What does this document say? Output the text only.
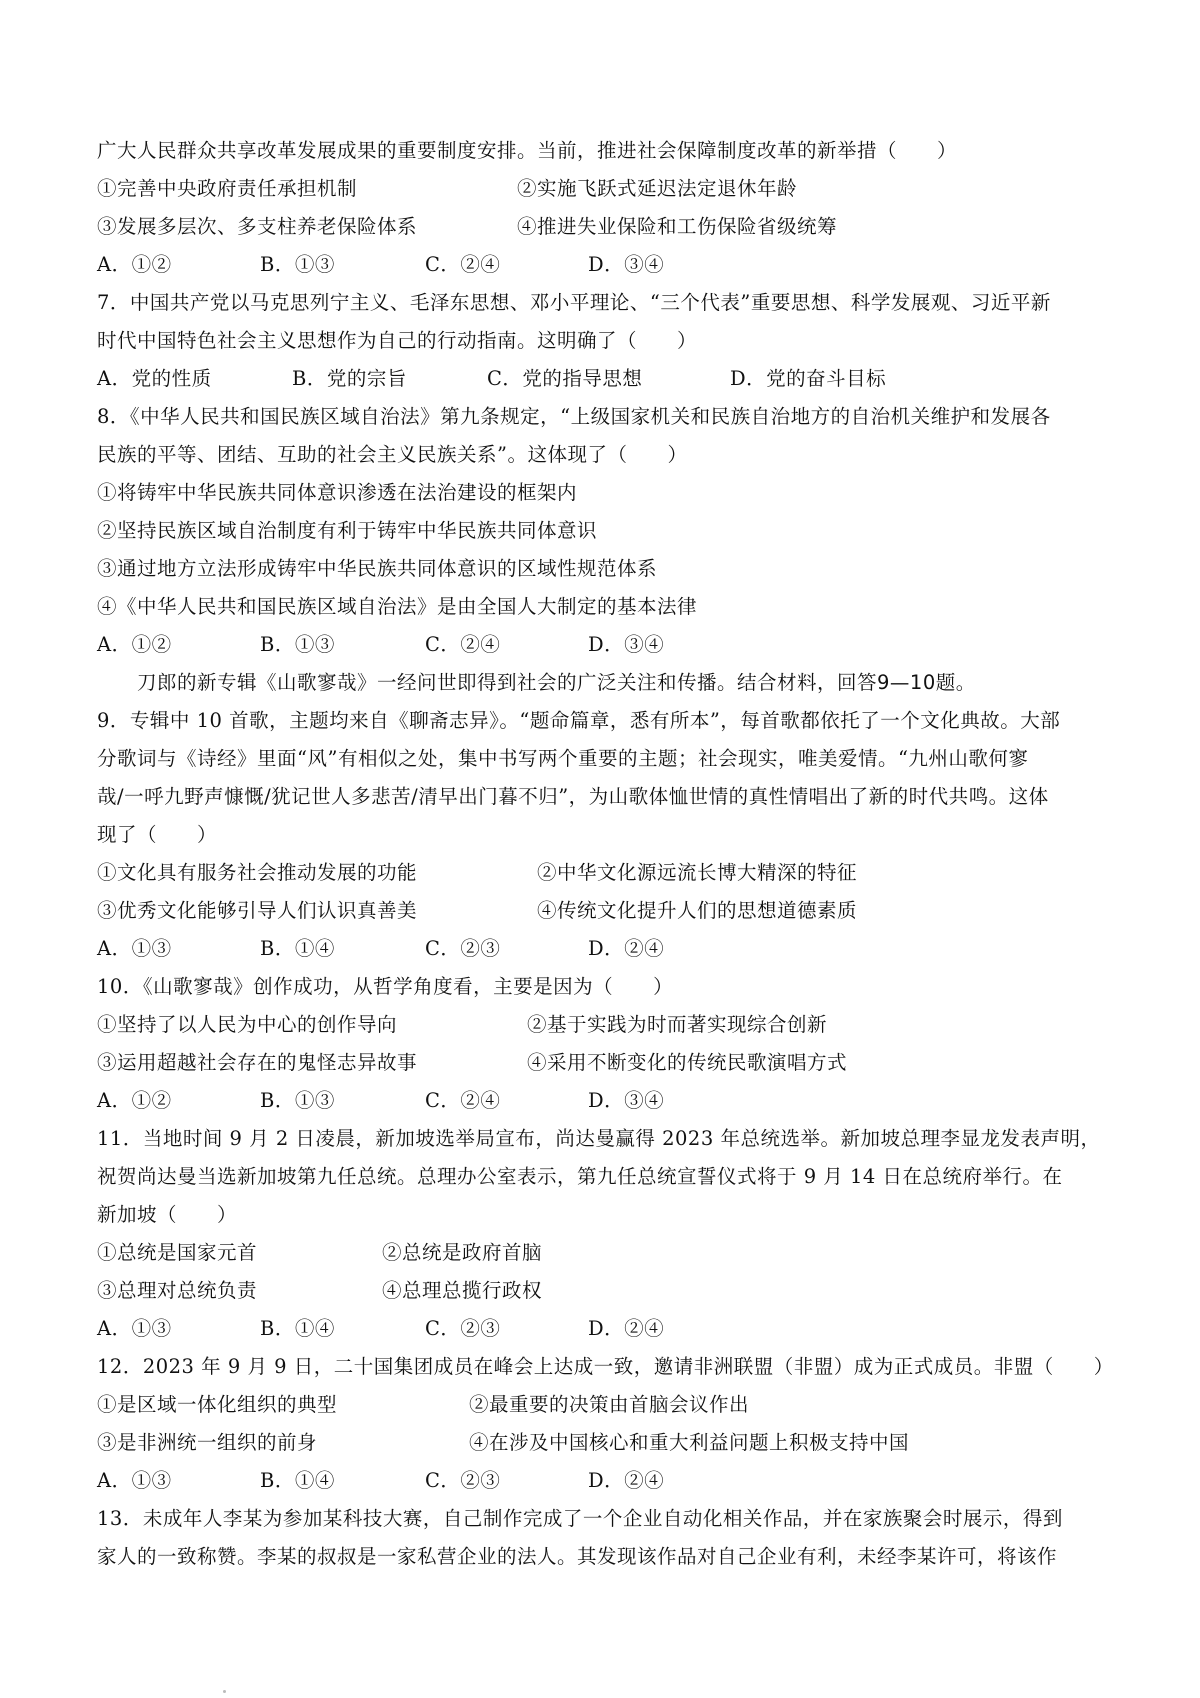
广大人民群众共享改革发展成果的重要制度安排。当前，推进社会保障制度改革的新举措（　　）
①完善中央政府责任承担机制	②实施飞跃式延迟法定退休年龄
③发展多层次、多支柱养老保险体系	④推进失业保险和工伤保险省级统筹
A．①②	B．①③	C．②④	D．③④
7．中国共产党以马克思列宁主义、毛泽东思想、邓小平理论、“三个代表”重要思想、科学发展观、习近平新
时代中国特色社会主义思想作为自己的行动指南。这明确了（　　）
A．党的性质	B．党的宗旨	C．党的指导思想	D．党的奋斗目标
8．《中华人民共和国民族区域自治法》第九条规定，“上级国家机关和民族自治地方的自治机关维护和发展各
民族的平等、团结、互助的社会主义民族关系”。这体现了（　　）
①将铸牢中华民族共同体意识渗透在法治建设的框架内
②坚持民族区域自治制度有利于铸牢中华民族共同体意识
③通过地方立法形成铸牢中华民族共同体意识的区域性规范体系
④《中华人民共和国民族区域自治法》是由全国人大制定的基本法律
A．①②	B．①③	C．②④	D．③④
刀郎的新专辑《山歌寥哉》一经问世即得到社会的广泛关注和传播。结合材料，回答9—10题。
9．专辑中 10 首歌，主题均来自《聊斋志异》。“题命篇章，悉有所本”，每首歌都依托了一个文化典故。大部
分歌词与《诗经》里面“风”有相似之处，集中书写两个重要的主题；社会现实，唯美爱情。“九州山歌何寥
哉/一呼九野声慷慨/犹记世人多悲苦/清早出门暮不归”，为山歌体恤世情的真性情唱出了新的时代共鸣。这体
现了（　　）
①文化具有服务社会推动发展的功能	②中华文化源远流长博大精深的特征
③优秀文化能够引导人们认识真善美	④传统文化提升人们的思想道德素质
A．①③	B．①④	C．②③	D．②④
10．《山歌寥哉》创作成功，从哲学角度看，主要是因为（　　）
①坚持了以人民为中心的创作导向	②基于实践为时而著实现综合创新
③运用超越社会存在的鬼怪志异故事	④采用不断变化的传统民歌演唱方式
A．①②	B．①③	C．②④	D．③④
11．当地时间 9 月 2 日凌晨，新加坡选举局宣布，尚达曼赢得 2023 年总统选举。新加坡总理李显龙发表声明，
祝贺尚达曼当选新加坡第九任总统。总理办公室表示，第九任总统宣誓仪式将于 9 月 14 日在总统府举行。在
新加坡（　　）
①总统是国家元首	②总统是政府首脑
③总理对总统负责	④总理总揽行政权
A．①③	B．①④	C．②③	D．②④
12．2023 年 9 月 9 日，二十国集团成员在峰会上达成一致，邀请非洲联盟（非盟）成为正式成员。非盟（　　）
①是区域一体化组织的典型	②最重要的决策由首脑会议作出
③是非洲统一组织的前身	④在涉及中国核心和重大利益问题上积极支持中国
A．①③	B．①④	C．②③	D．②④
13．未成年人李某为参加某科技大赛，自己制作完成了一个企业自动化相关作品，并在家族聚会时展示，得到
家人的一致称赞。李某的叔叔是一家私营企业的法人。其发现该作品对自己企业有利，未经李某许可，将该作
